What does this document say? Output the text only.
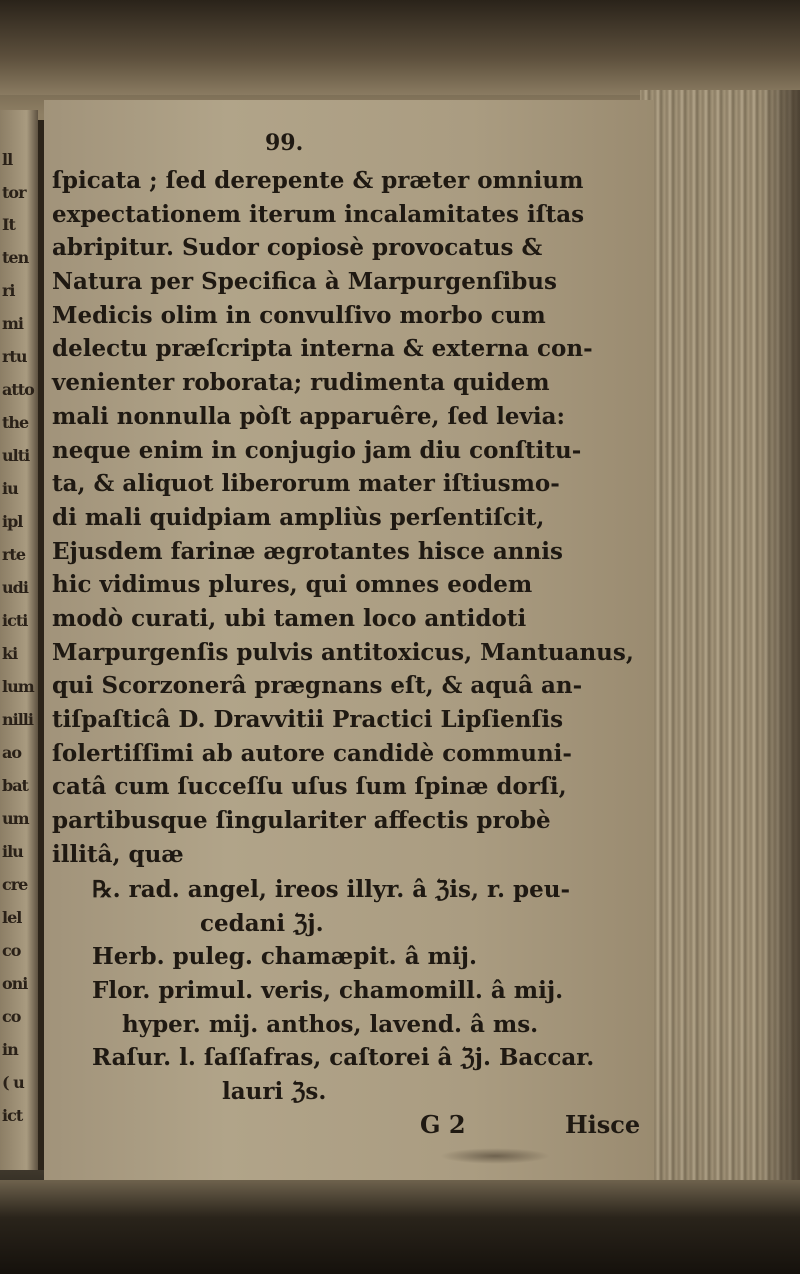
ll
tor
It
ten
ri
mi
rtu
atto
the
ulti
iu
ipl
rte
udi
icti
ki
lum
nilli
ao
bat
um
ilu
cre
lel
co
oni
co
in
( u
ict
99.
ſpicata ; ſed derepente & præter omnium
expectationem iterum incalamitates iſtas
abripitur. Sudor copiosè provocatus &
Natura per Specifica à Marpurgenſibus
Medicis olim in convulſivo morbo cum
delectu præſcripta interna & externa con-
venienter roborata; rudimenta quidem
mali nonnulla pòſt apparuêre, ſed levia:
neque enim in conjugio jam diu conſtitu-
ta, & aliquot liberorum mater iſtiusmo-
di mali quidpiam ampliùs perſentiſcit,
Ejusdem farinæ ægrotantes hisce annis
hic vidimus plures, qui omnes eodem
modò curati, ubi tamen loco antidoti
Marpurgenſis pulvis antitoxicus, Mantuanus,
qui Scorzonerâ prægnans eſt, & aquâ an-
tiſpaſticâ D. Dravvitii Practici Lipſienſis
ſolertiſſimi ab autore candidè communi-
catâ cum ſucceſſu uſus ſum ſpinæ dorſi,
partibusque ſingulariter affectis probè
illitâ, quæ
℞. rad. angel, ireos illyr. â ℨis, r. peu-
cedani ℨj.
Herb. puleg. chamæpit. â mij.
Flor. primul. veris, chamomill. â mij.
hyper. mij. anthos, lavend. â ms.
Raſur. l. ſaſſafras, caſtorei â ℨj. Baccar.
lauri ℨs.
G 2	Hisce
